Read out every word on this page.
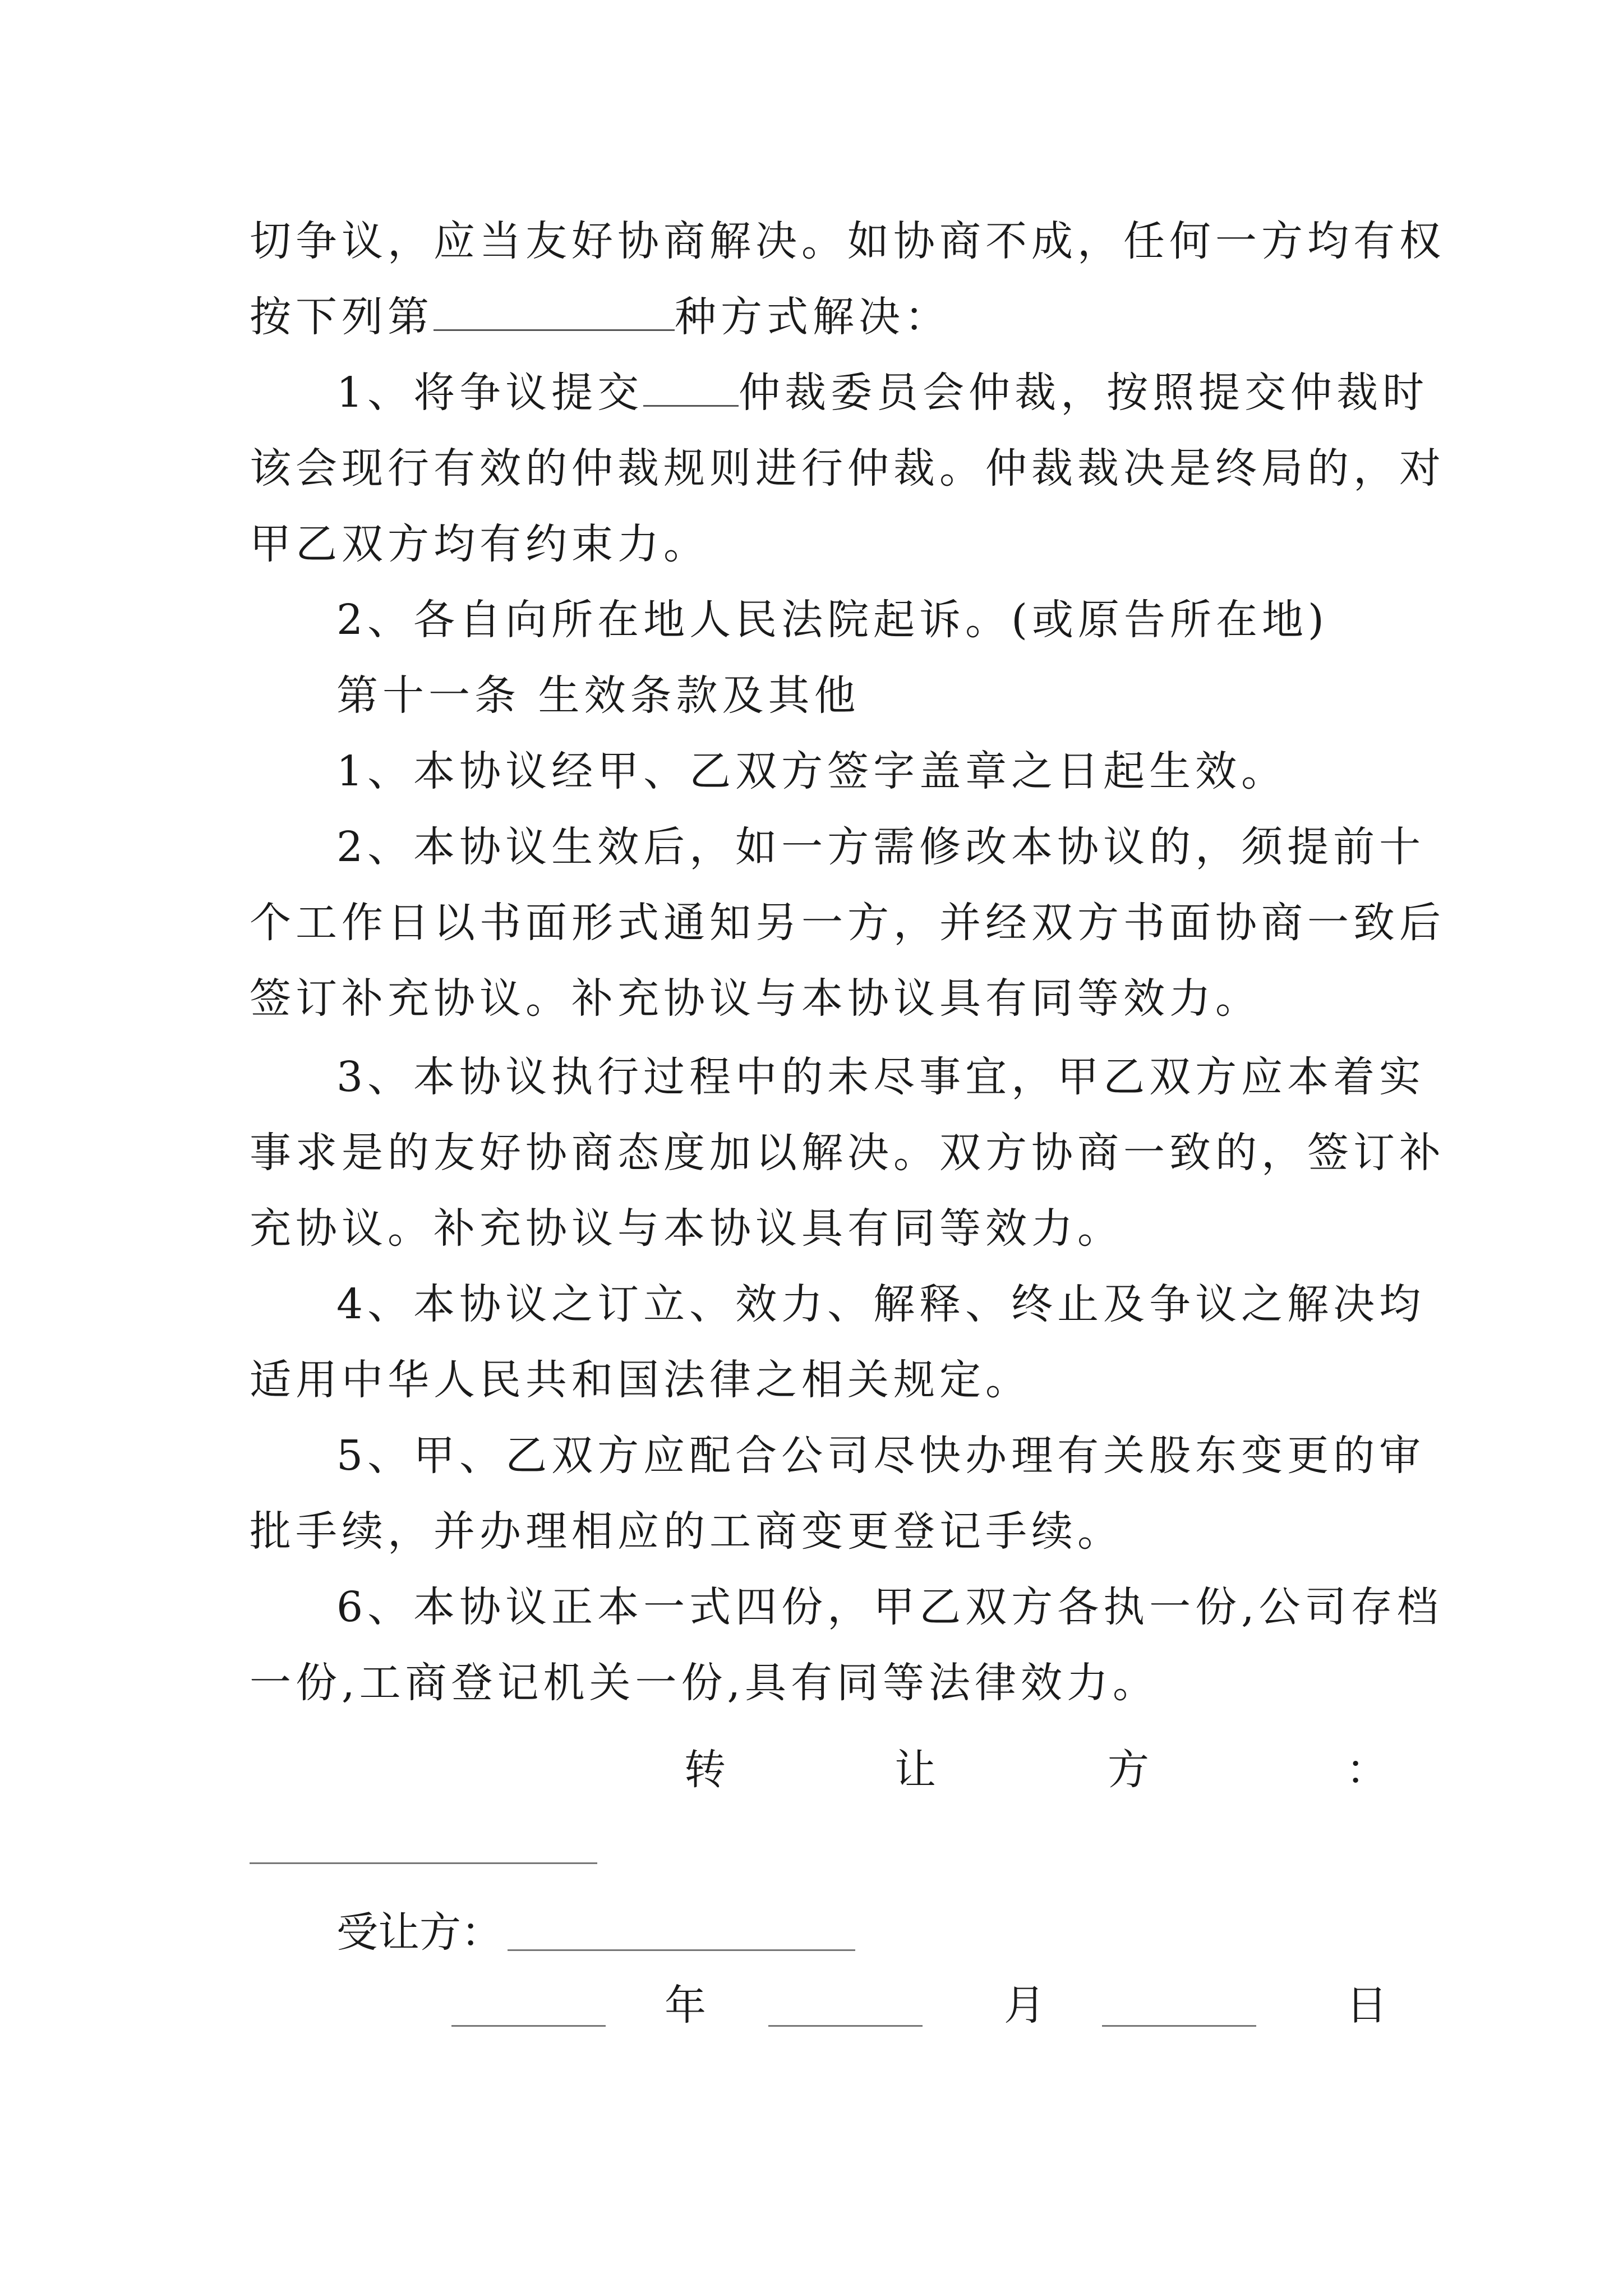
切争议，应当友好协商解决。如协商不成，任何一方均有权
按下列第	种方式解决：
1、将争议提交 仲裁委员会仲裁，按照提交仲裁时
该会现行有效的仲裁规则进行仲裁。仲裁裁决是终局的，对
甲乙双方均有约束力。
2、各自向所在地人民法院起诉。(或原告所在地)
第十一条 生效条款及其他
1、本协议经甲、乙双方签字盖章之日起生效。
2、本协议生效后，如一方需修改本协议的，须提前十
个工作日以书面形式通知另一方，并经双方书面协商一致后
签订补充协议。补充协议与本协议具有同等效力。
3、本协议执行过程中的未尽事宜，甲乙双方应本着实
事求是的友好协商态度加以解决。双方协商一致的，签订补
充协议。补充协议与本协议具有同等效力。
4、本协议之订立、效力、解释、终止及争议之解决均
适用中华人民共和国法律之相关规定。
5、甲、乙双方应配合公司尽快办理有关股东变更的审
批手续，并办理相应的工商变更登记手续。
6、本协议正本一式四份，甲乙双方各执一份,公司存档
一份,工商登记机关一份,具有同等法律效力。
转	让	方	：
受让方：
年	月	日
